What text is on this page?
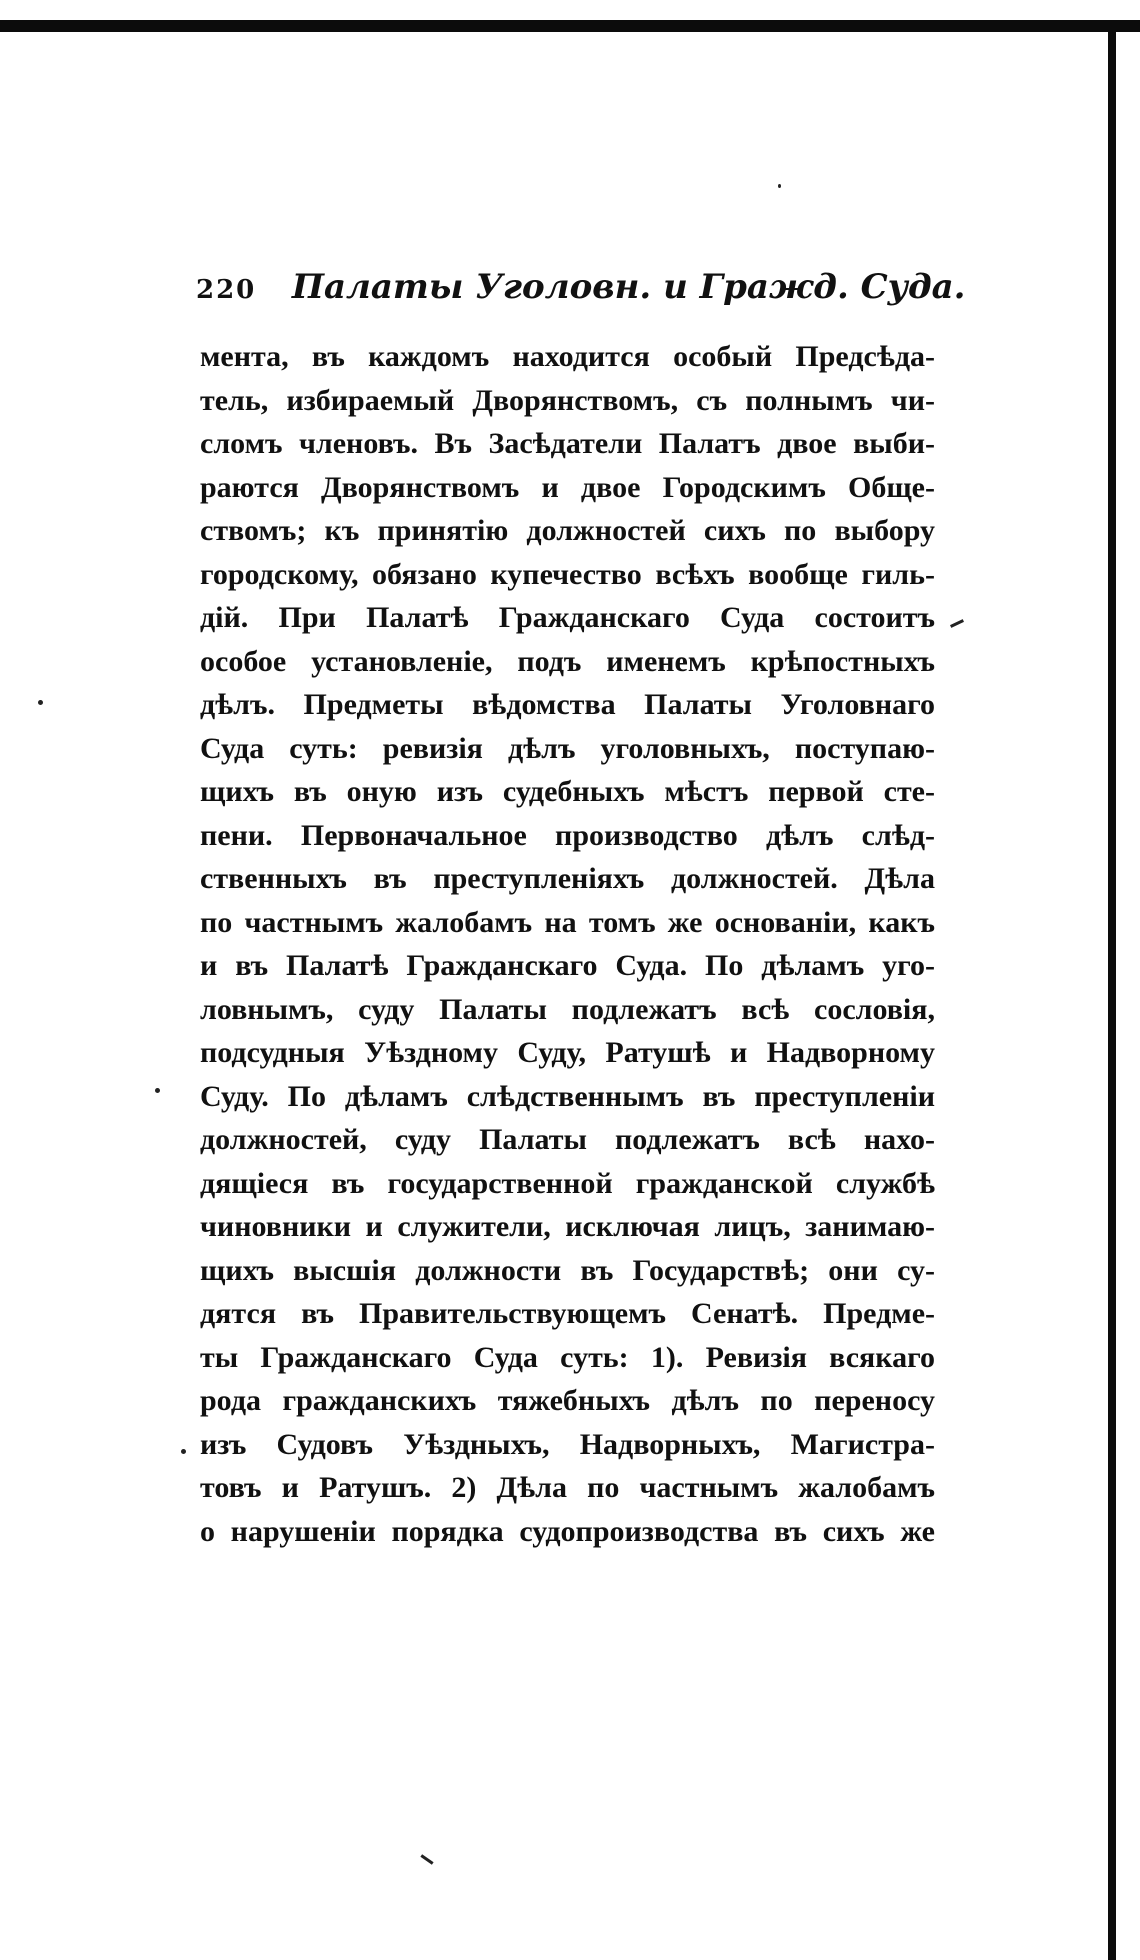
220 Палаты Уголовн. и Гражд. Суда.
мента, въ каждомъ находится особый Предсѣда-
тель, избираемый Дворянствомъ, съ полнымъ чи-
сломъ членовъ. Въ Засѣдатели Палатъ двое выби-
раются Дворянствомъ и двое Городскимъ Обще-
ствомъ; къ принятію должностей сихъ по выбору
городскому, обязано купечество всѣхъ вообще гиль-
дій. При Палатѣ Гражданскаго Суда состоитъ
особое установленіе, подъ именемъ крѣпостныхъ
дѣлъ. Предметы вѣдомства Палаты Уголовнаго
Суда суть: ревизія дѣлъ уголовныхъ, поступаю-
щихъ въ оную изъ судебныхъ мѣстъ первой сте-
пени. Первоначальное производство дѣлъ слѣд-
ственныхъ въ преступленіяхъ должностей. Дѣла
по частнымъ жалобамъ на томъ же основаніи, какъ
и въ Палатѣ Гражданскаго Суда. По дѣламъ уго-
ловнымъ, суду Палаты подлежатъ всѣ сословія,
подсудныя Уѣздному Суду, Ратушѣ и Надворному
Суду. По дѣламъ слѣдственнымъ въ преступленіи
должностей, суду Палаты подлежатъ всѣ нахо-
дящіеся въ государственной гражданской службѣ
чиновники и служители, исключая лицъ, занимаю-
щихъ высшія должности въ Государствѣ; они су-
дятся въ Правительствующемъ Сенатѣ. Предме-
ты Гражданскаго Суда суть: 1). Ревизія всякаго
рода гражданскихъ тяжебныхъ дѣлъ по переносу
изъ Судовъ Уѣздныхъ, Надворныхъ, Магистра-
товъ и Ратушъ. 2) Дѣла по частнымъ жалобамъ
о нарушеніи порядка судопроизводства въ сихъ же
